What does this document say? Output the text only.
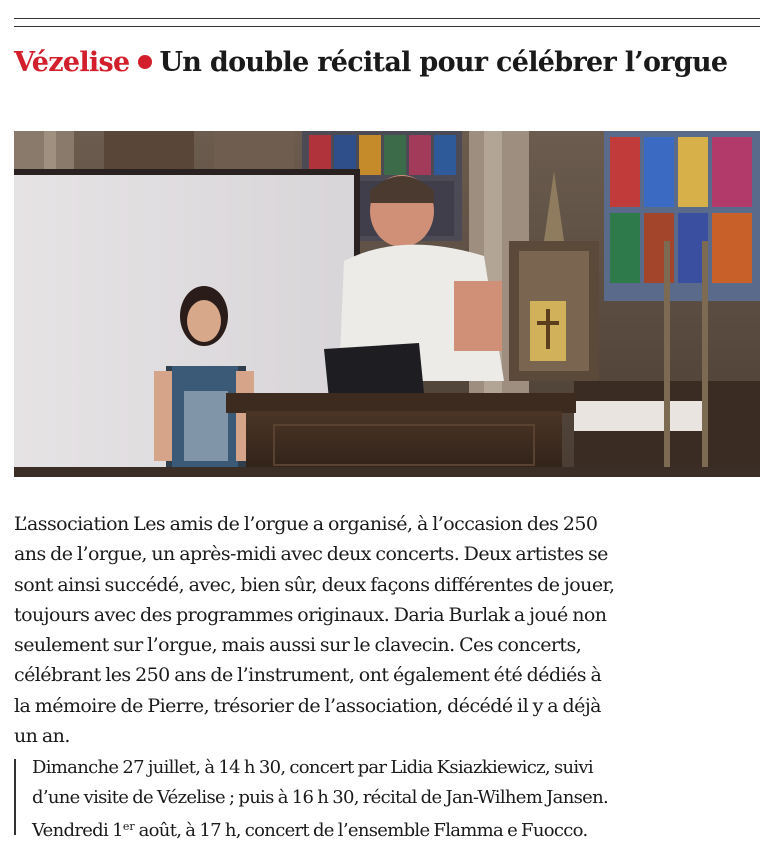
Vézelise Un double récital pour célébrer l’orgue
L’association Les amis de l’orgue a organisé, à l’occasion des 250
ans de l’orgue, un après-midi avec deux concerts. Deux artistes se
sont ainsi succédé, avec, bien sûr, deux façons différentes de jouer,
toujours avec des programmes originaux. Daria Burlak a joué non
seulement sur l’orgue, mais aussi sur le clavecin. Ces concerts,
célébrant les 250 ans de l’instrument, ont également été dédiés à
la mémoire de Pierre, trésorier de l’association, décédé il y a déjà
un an.
Dimanche 27 juillet, à 14 h 30, concert par Lidia Ksiazkiewicz, suivi
d’une visite de Vézelise ; puis à 16 h 30, récital de Jan-Wilhem Jansen.
Vendredi 1er août, à 17 h, concert de l’ensemble Flamma e Fuocco.
